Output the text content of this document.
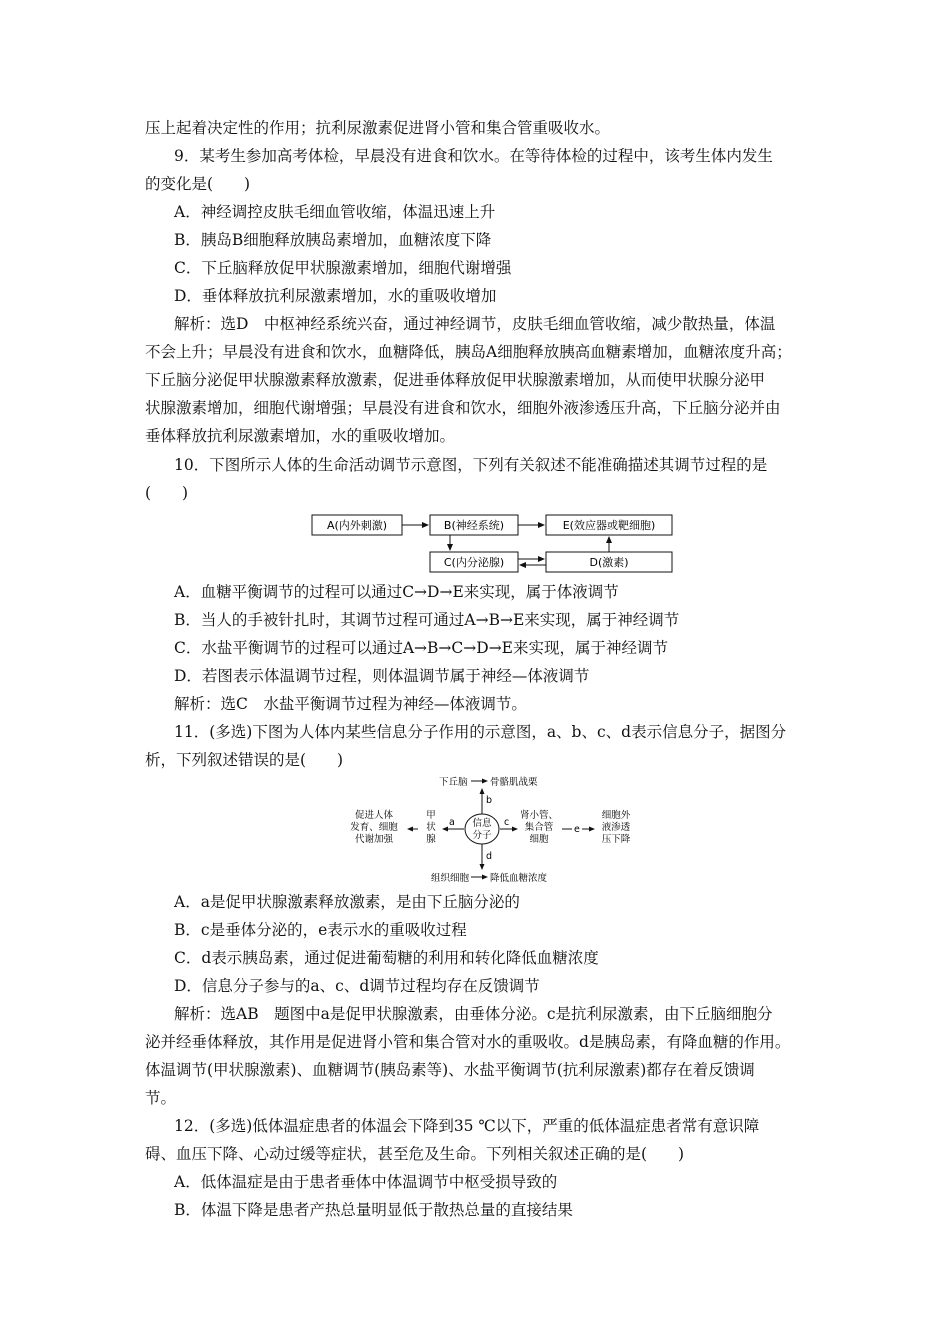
压上起着决定性的作用；抗利尿激素促进肾小管和集合管重吸收水。
9．某考生参加高考体检，早晨没有进食和饮水。在等待体检的过程中，该考生体内发生
的变化是(　　)
A．神经调控皮肤毛细血管收缩，体温迅速上升
B．胰岛B细胞释放胰岛素增加，血糖浓度下降
C．下丘脑释放促甲状腺激素增加，细胞代谢增强
D．垂体释放抗利尿激素增加，水的重吸收增加
解析：选D　中枢神经系统兴奋，通过神经调节，皮肤毛细血管收缩，减少散热量，体温
不会上升；早晨没有进食和饮水，血糖降低，胰岛A细胞释放胰高血糖素增加，血糖浓度升高；
下丘脑分泌促甲状腺激素释放激素，促进垂体释放促甲状腺激素增加，从而使甲状腺分泌甲
状腺激素增加，细胞代谢增强；早晨没有进食和饮水，细胞外液渗透压升高，下丘脑分泌并由
垂体释放抗利尿激素增加，水的重吸收增加。
10．下图所示人体的生命活动调节示意图，下列有关叙述不能准确描述其调节过程的是
(　　)
A(内外刺激)	B(神经系统)	E(效应器或靶细胞)
C(内分泌腺)	D(激素)
A．血糖平衡调节的过程可以通过C→D→E来实现，属于体液调节
B．当人的手被针扎时，其调节过程可通过A→B→E来实现，属于神经调节
C．水盐平衡调节的过程可以通过A→B→C→D→E来实现，属于神经调节
D．若图表示体温调节过程，则体温调节属于神经—体液调节
解析：选C　水盐平衡调节过程为神经—体液调节。
11．(多选)下图为人体内某些信息分子作用的示意图，a、b、c、d表示信息分子，据图分
析，下列叙述错误的是(　　)
下丘脑 骨骼肌战栗
b
信息
分子
促进人体
发育、细胞
代谢加强
甲
状
腺
a	c
肾小管、
集合管
细胞
e
细胞外
液渗透
压下降
d
组织细胞 降低血糖浓度
A．a是促甲状腺激素释放激素，是由下丘脑分泌的
B．c是垂体分泌的，e表示水的重吸收过程
C．d表示胰岛素，通过促进葡萄糖的利用和转化降低血糖浓度
D．信息分子参与的a、c、d调节过程均存在反馈调节
解析：选AB　题图中a是促甲状腺激素，由垂体分泌。c是抗利尿激素，由下丘脑细胞分
泌并经垂体释放，其作用是促进肾小管和集合管对水的重吸收。d是胰岛素，有降血糖的作用。
体温调节(甲状腺激素)、血糖调节(胰岛素等)、水盐平衡调节(抗利尿激素)都存在着反馈调
节。
12．(多选)低体温症患者的体温会下降到35 ℃以下，严重的低体温症患者常有意识障
碍、血压下降、心动过缓等症状，甚至危及生命。下列相关叙述正确的是(　　)
A．低体温症是由于患者垂体中体温调节中枢受损导致的
B．体温下降是患者产热总量明显低于散热总量的直接结果
